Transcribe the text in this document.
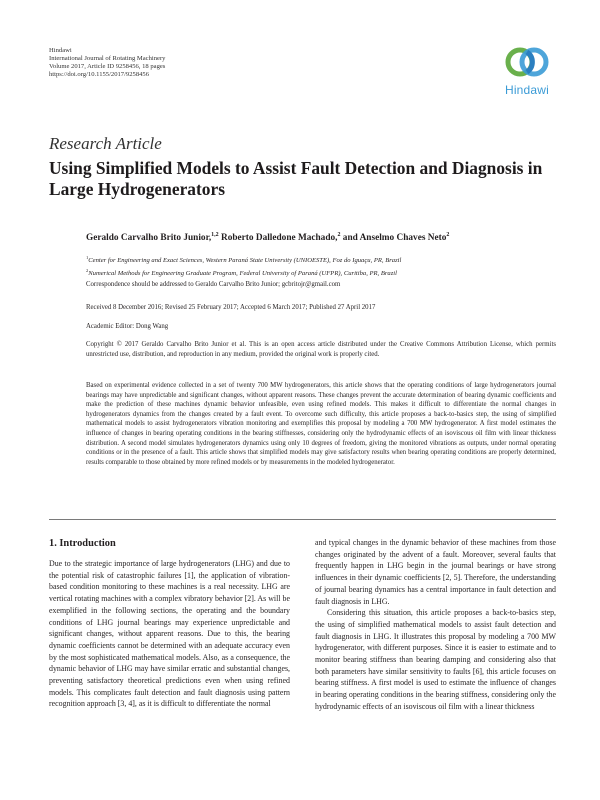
Hindawi
International Journal of Rotating Machinery
Volume 2017, Article ID 9258456, 18 pages
https://doi.org/10.1155/2017/9258456
Hindawi
Research Article
Using Simplified Models to Assist Fault Detection and Diagnosis in Large Hydrogenerators
Geraldo Carvalho Brito Junior,$^{1,2}$ Roberto Dalledone Machado,$^2$ and Anselmo Chaves Neto$^2$
$^1$Center for Engineering and Exact Sciences, Western Paraná State University (UNIOESTE), Foz do Iguaçu, PR, Brazil
$^2$Numerical Methods for Engineering Graduate Program, Federal University of Paraná (UFPR), Curitiba, PR, Brazil
Correspondence should be addressed to Geraldo Carvalho Brito Junior; gcbritojr@gmail.com
Received 8 December 2016; Revised 25 February 2017; Accepted 6 March 2017; Published 27 April 2017
Academic Editor: Dong Wang
Copyright © 2017 Geraldo Carvalho Brito Junior et al. This is an open access article distributed under the Creative Commons Attribution License, which permits unrestricted use, distribution, and reproduction in any medium, provided the original work is properly cited.
Based on experimental evidence collected in a set of twenty 700 MW hydrogenerators, this article shows that the operating conditions of large hydrogenerators journal bearings may have unpredictable and significant changes, without apparent reasons. These changes prevent the accurate determination of bearing dynamic coefficients and make the prediction of these machines dynamic behavior unfeasible, even using refined models. This makes it difficult to differentiate the normal changes in hydrogenerators dynamics from the changes created by a fault event. To overcome such difficulty, this article proposes a back-to-basics step, the using of simplified mathematical models to assist hydrogenerators vibration monitoring and exemplifies this proposal by modeling a 700 MW hydrogenerator. A first model estimates the influence of changes in bearing operating conditions in the bearing stiffnesses, considering only the hydrodynamic effects of an isoviscous oil film with linear thickness distribution. A second model simulates hydrogenerators dynamics using only 10 degrees of freedom, giving the monitored vibrations as outputs, under normal operating conditions or in the presence of a fault. This article shows that simplified models may give satisfactory results when bearing operating conditions are properly determined, results comparable to those obtained by more refined models or by measurements in the modeled hydrogenerator.
1. Introduction

Due to the strategic importance of large hydrogenerators (LHG) and due to the potential risk of catastrophic failures [1], the application of vibration-based condition monitoring to these machines is a real necessity. LHG are vertical rotating machines with a complex vibratory behavior [2]. As will be exemplified in the following sections, the operating and the boundary conditions of LHG journal bearings may experience unpredictable and significant changes, without apparent reasons. Due to this, the bearing dynamic coefficients cannot be determined with an adequate accuracy even by the most sophisticated mathematical models. Also, as a consequence, the dynamic behavior of LHG may have similar erratic and substantial changes, preventing satisfactory theoretical predictions even when using refined models. This complicates fault detection and fault diagnosis using pattern recognition approach [3, 4], as it is difficult to differentiate the normal

and typical changes in the dynamic behavior of these machines from those changes originated by the advent of a fault. Moreover, several faults that frequently happen in LHG begin in the journal bearings or have strong influences in their dynamic coefficients [2, 5]. Therefore, the understanding of journal bearing dynamics has a central importance in fault detection and fault diagnosis in LHG.

Considering this situation, this article proposes a back-to-basics step, the using of simplified mathematical models to assist fault detection and fault diagnosis in LHG. It illustrates this proposal by modeling a 700 MW hydrogenerator, with different purposes. Since it is easier to estimate and to monitor bearing stiffness than bearing damping and considering also that both parameters have similar sensitivity to faults [6], this article focuses on bearing stiffness. A first model is used to estimate the influence of changes in bearing operating conditions in the bearing stiffness, considering only the hydrodynamic effects of an isoviscous oil film with a linear thickness
